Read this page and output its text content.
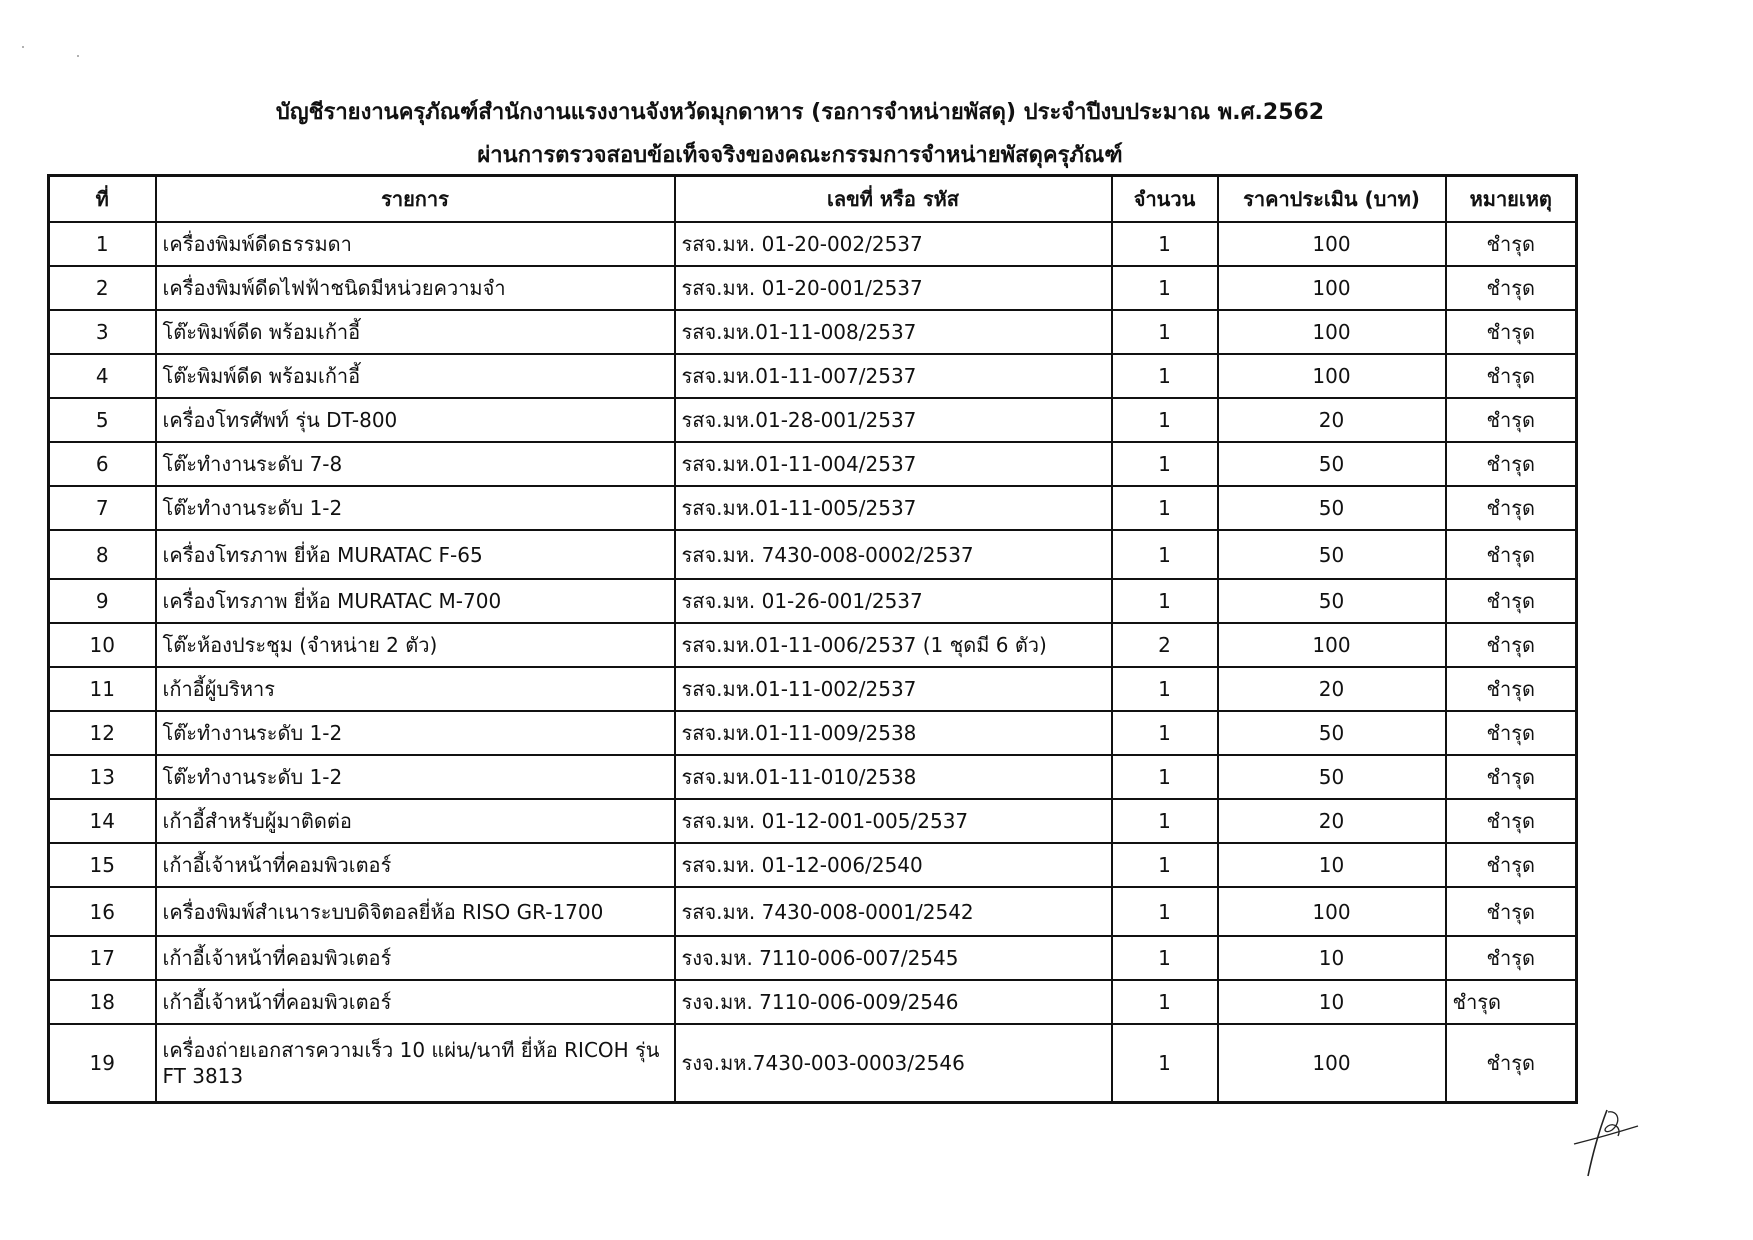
บัญชีรายงานครุภัณฑ์สำนักงานแรงงานจังหวัดมุกดาหาร (รอการจำหน่ายพัสดุ) ประจำปีงบประมาณ พ.ศ.2562
ผ่านการตรวจสอบข้อเท็จจริงของคณะกรรมการจำหน่ายพัสดุครุภัณฑ์
ที่	รายการ	เลขที่ หรือ รหัส	จำนวน	ราคาประเมิน (บาท)	หมายเหตุ
1	เครื่องพิมพ์ดีดธรรมดา	รสจ.มห. 01-20-002/2537	1	100	ชำรุด
2	เครื่องพิมพ์ดีดไฟฟ้าชนิดมีหน่วยความจำ	รสจ.มห. 01-20-001/2537	1	100	ชำรุด
3	โต๊ะพิมพ์ดีด พร้อมเก้าอี้	รสจ.มห.01-11-008/2537	1	100	ชำรุด
4	โต๊ะพิมพ์ดีด พร้อมเก้าอี้	รสจ.มห.01-11-007/2537	1	100	ชำรุด
5	เครื่องโทรศัพท์ รุ่น DT-800	รสจ.มห.01-28-001/2537	1	20	ชำรุด
6	โต๊ะทำงานระดับ 7-8	รสจ.มห.01-11-004/2537	1	50	ชำรุด
7	โต๊ะทำงานระดับ 1-2	รสจ.มห.01-11-005/2537	1	50	ชำรุด
8	เครื่องโทรภาพ ยี่ห้อ MURATAC F-65	รสจ.มห. 7430-008-0002/2537	1	50	ชำรุด
9	เครื่องโทรภาพ ยี่ห้อ MURATAC M-700	รสจ.มห. 01-26-001/2537	1	50	ชำรุด
10	โต๊ะห้องประชุม (จำหน่าย 2 ตัว)	รสจ.มห.01-11-006/2537 (1 ชุดมี 6 ตัว)	2	100	ชำรุด
11	เก้าอี้ผู้บริหาร	รสจ.มห.01-11-002/2537	1	20	ชำรุด
12	โต๊ะทำงานระดับ 1-2	รสจ.มห.01-11-009/2538	1	50	ชำรุด
13	โต๊ะทำงานระดับ 1-2	รสจ.มห.01-11-010/2538	1	50	ชำรุด
14	เก้าอี้สำหรับผู้มาติดต่อ	รสจ.มห. 01-12-001-005/2537	1	20	ชำรุด
15	เก้าอี้เจ้าหน้าที่คอมพิวเตอร์	รสจ.มห. 01-12-006/2540	1	10	ชำรุด
16	เครื่องพิมพ์สำเนาระบบดิจิตอลยี่ห้อ RISO GR-1700	รสจ.มห. 7430-008-0001/2542	1	100	ชำรุด
17	เก้าอี้เจ้าหน้าที่คอมพิวเตอร์	รงจ.มห. 7110-006-007/2545	1	10	ชำรุด
18	เก้าอี้เจ้าหน้าที่คอมพิวเตอร์	รงจ.มห. 7110-006-009/2546	1	10	ชำรุด
19	เครื่องถ่ายเอกสารความเร็ว 10 แผ่น/นาที ยี่ห้อ RICOH รุ่น FT 3813	รงจ.มห.7430-003-0003/2546	1	100	ชำรุด
